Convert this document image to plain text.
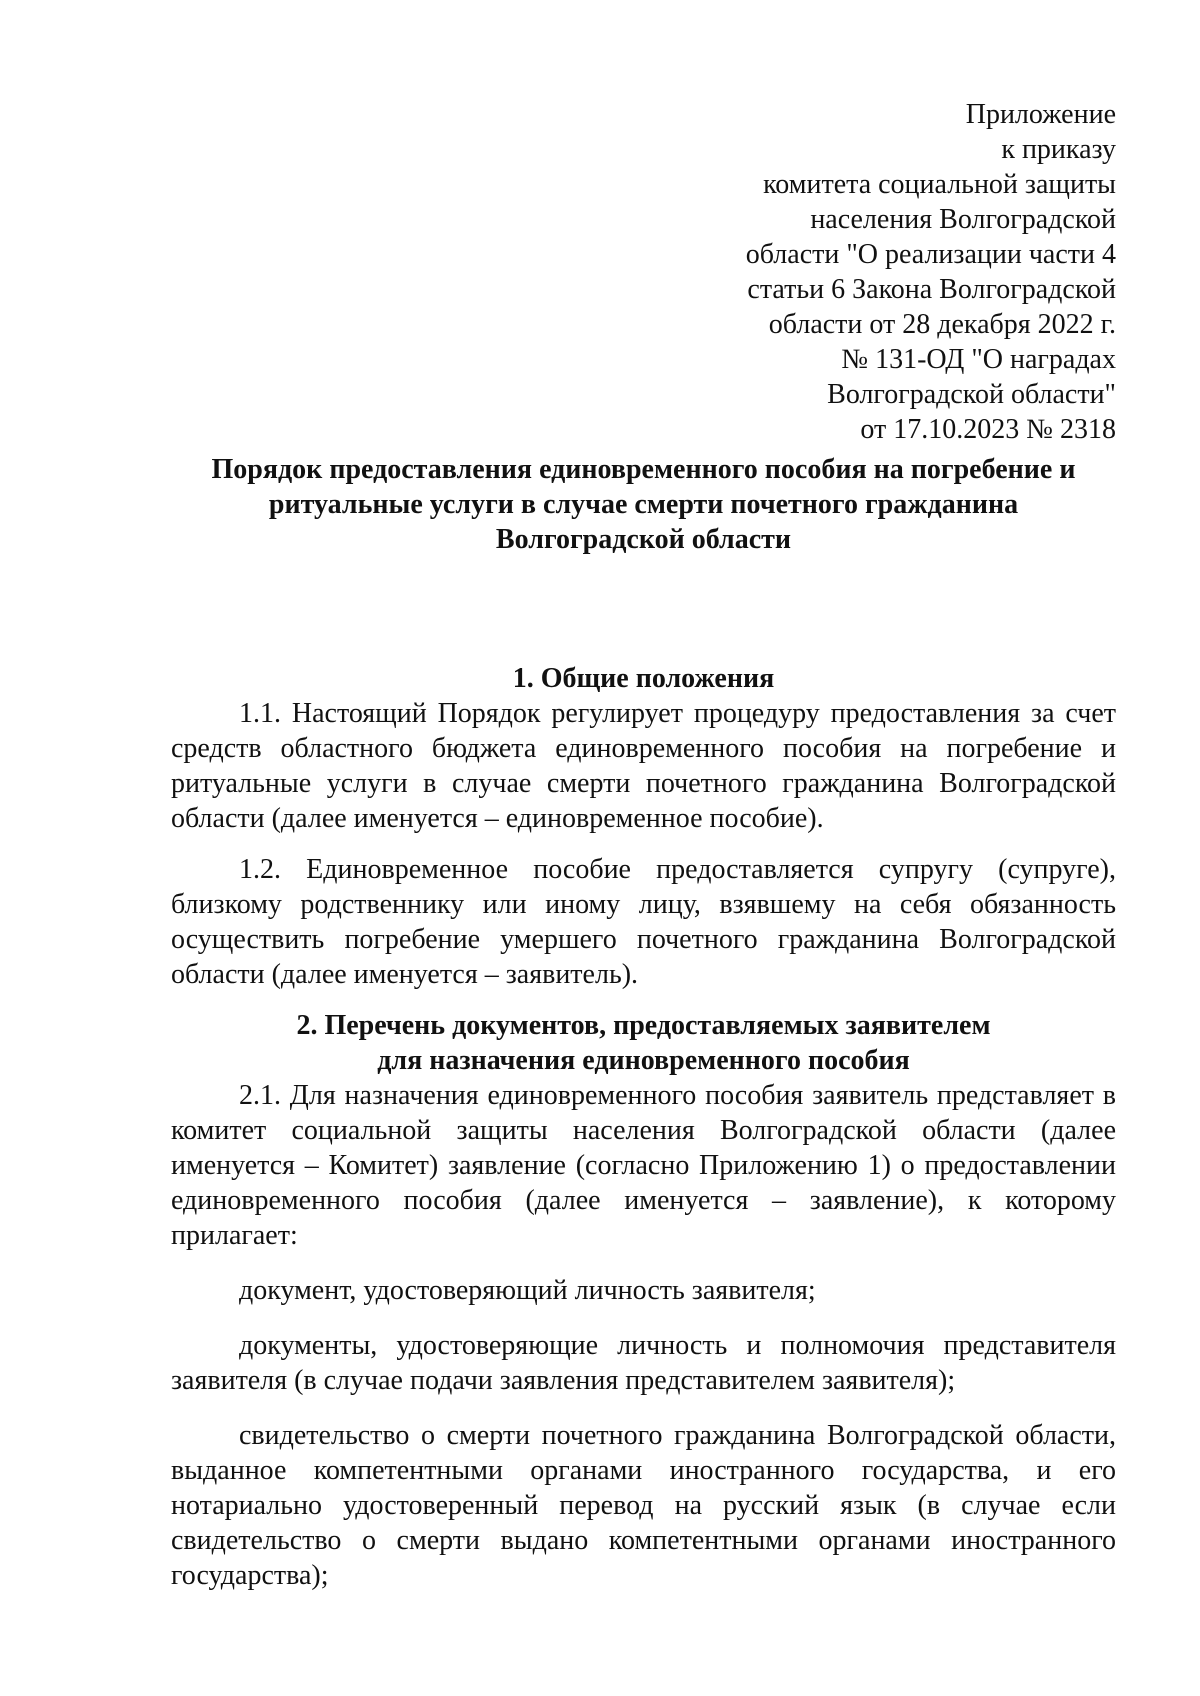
Приложение
к приказу
комитета социальной защиты
населения Волгоградской
области "О реализации части 4
статьи 6 Закона Волгоградской
области от 28 декабря 2022 г.
№ 131-ОД "О наградах
Волгоградской области"
от 17.10.2023 № 2318
Порядок предоставления единовременного пособия на погребение и
ритуальные услуги в случае смерти почетного гражданина
Волгоградской области

1. Общие положения

1.1. Настоящий Порядок регулирует процедуру предоставления за счет средств областного бюджета единовременного пособия на погребение и ритуальные услуги в случае смерти почетного гражданина Волгоградской области (далее именуется – единовременное пособие).

1.2. Единовременное пособие предоставляется супругу (супруге), близкому родственнику или иному лицу, взявшему на себя обязанность осуществить погребение умершего почетного гражданина Волгоградской области (далее именуется – заявитель).

2. Перечень документов, предоставляемых заявителем
для назначения единовременного пособия

2.1. Для назначения единовременного пособия заявитель представляет в комитет социальной защиты населения Волгоградской области (далее именуется – Комитет) заявление (согласно Приложению 1) о предоставлении единовременного пособия (далее именуется – заявление), к которому прилагает:

документ, удостоверяющий личность заявителя;

документы, удостоверяющие личность и полномочия представителя заявителя (в случае подачи заявления представителем заявителя);

свидетельство о смерти почетного гражданина Волгоградской области, выданное компетентными органами иностранного государства, и его нотариально удостоверенный перевод на русский язык (в случае если свидетельство о смерти выдано компетентными органами иностранного государства);
